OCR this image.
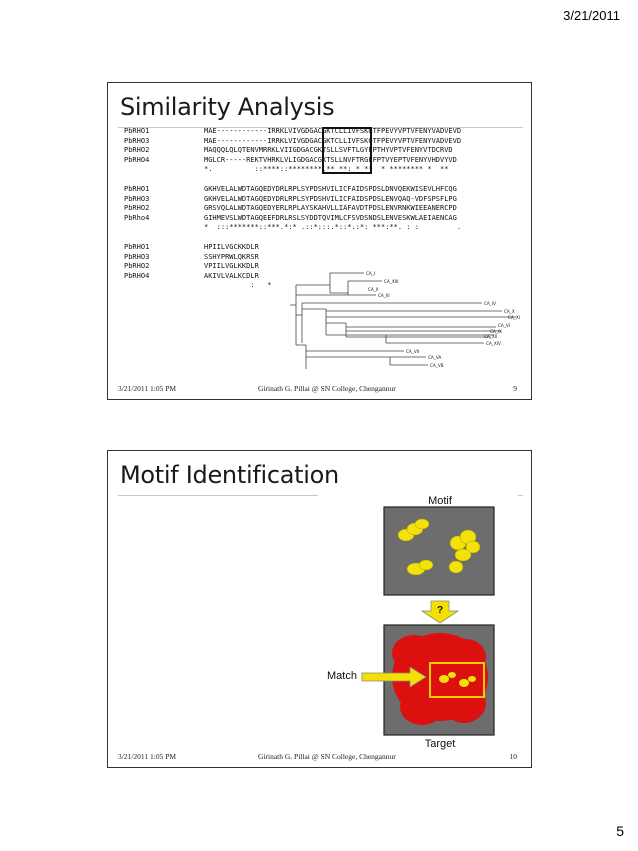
3/21/2011
Similarity Analysis
PbRHO1	MAE------------IRRKLVIVGDGACGKTCLLIVFSKGTFPEVYVPTVFENYVADVEVD
PbRHO3	MAE------------IRRKLVIVGDGACGKTCLLIVFSKGTFPEVYVPTVFENYVADVEVD
PbRHO2	MAQQQLQLQTENVMRRKLVIIGDGACGKTSLLSVFTLGYFPTHYVPTVFENYVTDCRVD
PbRHO4	MGLCR-----REKTVHRKLVLIGDGACGKTSLLNVFTRGFFPTVYEPTVFENYVHDVYVD
*.          ::****::********.** **: * **  * ******** *  **
PbRHO1	GKHVELALWDTAGQEDYDRLRPLSYPDSHVILICFAIDSPDSLDNVQEKWISEVLHFCQG
PbRHO3	GKHVELALWDTAGQEDYDRLRPLSYPDSHVILICFAIDSPDSLENVQAQ-VDFSPSFLPG
PbRHO2	GRSVQLALWDTAGQEDYERLRPLAYSKAHVLLIAFAVDTPDSLENVRNKWIEEANERCPD
PbRho4	GIHMEVSLWDTAGQEEFDRLRSLSYDDTQVIMLCFSVDSNDSLENVESKWLAEIAENCAG
*  :::*******::***.*:* .::*:::.*::*.:*: ***:**. : :         .
PbRHO1	HPIILVGCKKDLR
PbRHO3	SSHYPRWLQKRSR
PbRHO2	VPIILVGLKKDLR
PbRHO4	AKIVLVALKCDLR
:   *
CA_I
CA_XIII
CA_III
CA_II
CA_IV
CA_X
CA_XI
CA_VI
CA_IX
CA_XII
CA_XIV
CA_VII
CA_VA
CA_VB
3/21/2011 1:05 PM	Girinath G. Pillai @ SN College, Chengannur	9
Motif Identification
Motif
?
Match
Target
3/21/2011 1:05 PM	Girinath G. Pillai @ SN College, Chengannur	10
5
